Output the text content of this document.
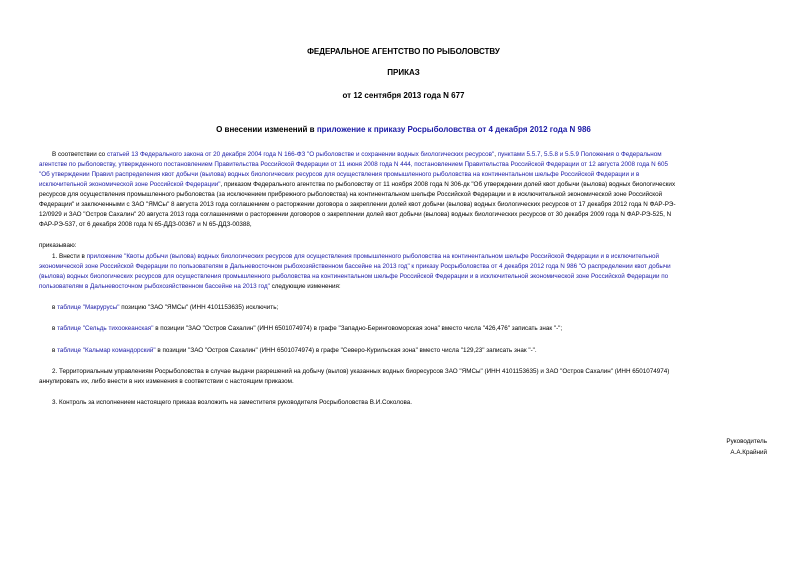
ФЕДЕРАЛЬНОЕ АГЕНТСТВО ПО РЫБОЛОВСТВУ
ПРИКАЗ
от 12 сентября 2013 года N 677
О внесении изменений в приложение к приказу Росрыболовства от 4 декабря 2012 года N 986
В соответствии со статьей 13 Федерального закона от 20 декабря 2004 года N 166-ФЗ "О рыболовстве и сохранении водных биологических ресурсов", пунктами 5.5.7, 5.5.8 и 5.5.9 Положения о Федеральном
агентстве по рыболовству, утвержденного постановлением Правительства Российской Федерации от 11 июня 2008 года N 444, постановлением Правительства Российской Федерации от 12 августа 2008 года N 605
"Об утверждении Правил распределения квот добычи (вылова) водных биологических ресурсов для осуществления промышленного рыболовства на континентальном шельфе Российской Федерации и в
исключительной экономической зоне Российской Федерации", приказом Федерального агентства по рыболовству от 11 ноября 2008 года N 306-дк "Об утверждении долей квот добычи (вылова) водных биологических
ресурсов для осуществления промышленного рыболовства (за исключением прибрежного рыболовства) на континентальном шельфе Российской Федерации и в исключительной экономической зоне Российской
Федерации" и заключенными с ЗАО "ЯМСы" 8 августа 2013 года соглашением о расторжении договора о закреплении долей квот добычи (вылова) водных биологических ресурсов от 17 декабря 2012 года N ФАР-РЭ-
12/0929 и ЗАО "Остров Сахалин" 20 августа 2013 года соглашениями о расторжении договоров о закреплении долей квот добычи (вылова) водных биологических ресурсов от 30 декабря 2009 года N ФАР-РЭ-525, N
ФАР-РЭ-537, от 6 декабря 2008 года N 65-ДДЗ-00367 и N 65-ДДЗ-00388,
приказываю:
1. Внести в приложение "Квоты добычи (вылова) водных биологических ресурсов для осуществления промышленного рыболовства на континентальном шельфе Российской Федерации и в исключительной
экономической зоне Российской Федерации по пользователям в Дальневосточном рыбохозяйственном бассейне на 2013 год" к приказу Росрыболовства от 4 декабря 2012 года N 986 "О распределении квот добычи
(вылова) водных биологических ресурсов для осуществления промышленного рыболовства на континентальном шельфе Российской Федерации и в исключительной экономической зоне Российской Федерации по
пользователям в Дальневосточном рыбохозяйственном бассейне на 2013 год" следующие изменения:
в таблице "Макрурусы" позицию "ЗАО "ЯМСы" (ИНН 4101153635) исключить;
в таблице "Сельдь тихоокеанская" в позиции "ЗАО "Остров Сахалин" (ИНН 6501074974) в графе "Западно-Беринговоморская зона" вместо числа "426,476" записать знак "-";
в таблице "Кальмар командорский" в позиции "ЗАО "Остров Сахалин" (ИНН 6501074974) в графе "Северо-Курильская зона" вместо числа "129,23" записать знак "-".
2. Территориальным управлениям Росрыболовства в случае выдачи разрешений на добычу (вылов) указанных водных биоресурсов ЗАО "ЯМСы" (ИНН 4101153635) и ЗАО "Остров Сахалин" (ИНН 6501074974)
аннулировать их, либо внести в них изменения в соответствии с настоящим приказом.
3. Контроль за исполнением настоящего приказа возложить на заместителя руководителя Росрыболовства В.И.Соколова.
Руководитель
А.А.Крайний
